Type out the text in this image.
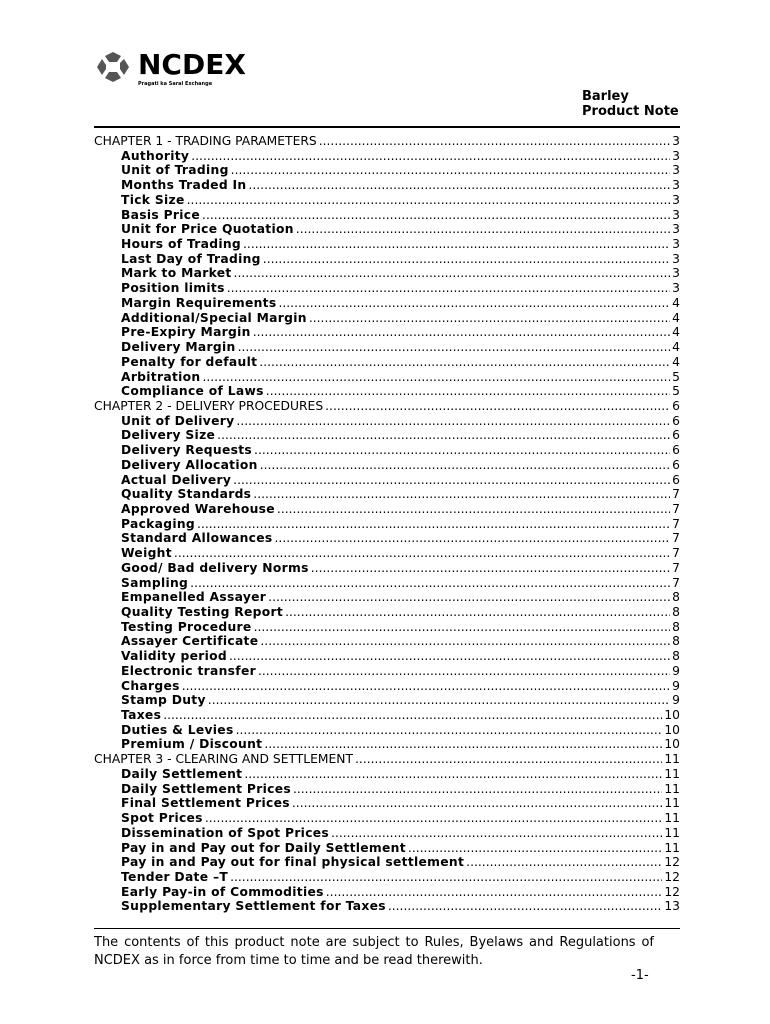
NCDEX
Pragati ka Saral Exchange
Barley
Product Note
CHAPTER 1 - TRADING PARAMETERS .....	3
Authority .....	3
Unit of Trading .....	3
Months Traded In .....	3
Tick Size .....	3
Basis Price .....	3
Unit for Price Quotation .....	3
Hours of Trading .....	3
Last Day of Trading .....	3
Mark to Market .....	3
Position limits .....	3
Margin Requirements .....	4
Additional/Special Margin .....	4
Pre-Expiry Margin .....	4
Delivery Margin .....	4
Penalty for default .....	4
Arbitration .....	5
Compliance of Laws .....	5
CHAPTER 2 - DELIVERY PROCEDURES .....	6
Unit of Delivery .....	6
Delivery Size .....	6
Delivery Requests .....	6
Delivery Allocation .....	6
Actual Delivery .....	6
Quality Standards .....	7
Approved Warehouse .....	7
Packaging .....	7
Standard Allowances .....	7
Weight .....	7
Good/ Bad delivery Norms .....	7
Sampling .....	7
Empanelled Assayer .....	8
Quality Testing Report .....	8
Testing Procedure .....	8
Assayer Certificate .....	8
Validity period .....	8
Electronic transfer .....	9
Charges .....	9
Stamp Duty .....	9
Taxes .....	10
Duties & Levies .....	10
Premium / Discount .....	10
CHAPTER 3 - CLEARING AND SETTLEMENT .....	11
Daily Settlement .....	11
Daily Settlement Prices .....	11
Final Settlement Prices .....	11
Spot Prices .....	11
Dissemination of Spot Prices .....	11
Pay in and Pay out for Daily Settlement .....	11
Pay in and Pay out for final physical settlement .....	12
Tender Date –T .....	12
Early Pay-in of Commodities .....	12
Supplementary Settlement for Taxes .....	13
The contents of this product note are subject to Rules, Byelaws and Regulations of NCDEX as in force from time to time and be read therewith.
-1-
